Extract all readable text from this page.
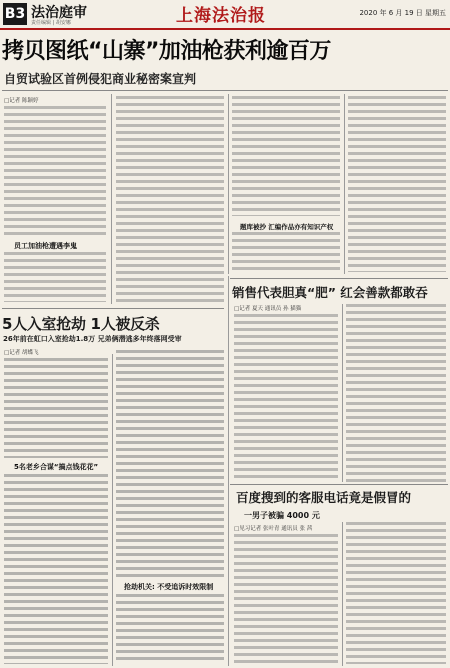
B3 法治庭审
责任编辑 | 胡安娜	上海法治报	2020 年 6 月 19 日 星期五
拷贝图纸“山寨”加油枪获利逾百万
自贸试验区首例侵犯商业秘密案宣判
□记者 陈颖婷
员工加油枪遭遇李鬼
题库被抄 汇编作品亦有知识产权
5人入室抢劫 1人被反杀
26年前在虹口入室抢劫1.8万 兄弟俩潜逃多年终落网受审
□记者 胡蝶飞
5名老乡合谋“搞点钱花花”
抢劫机关: 不受追诉时效限制
销售代表胆真“肥” 红会善款都敢吞
□记者 夏天 通讯员 孙 猫猫
百度搜到的客服电话竟是假冒的
一男子被骗 4000 元
□见习记者 张叶青 通讯员 张 茜
